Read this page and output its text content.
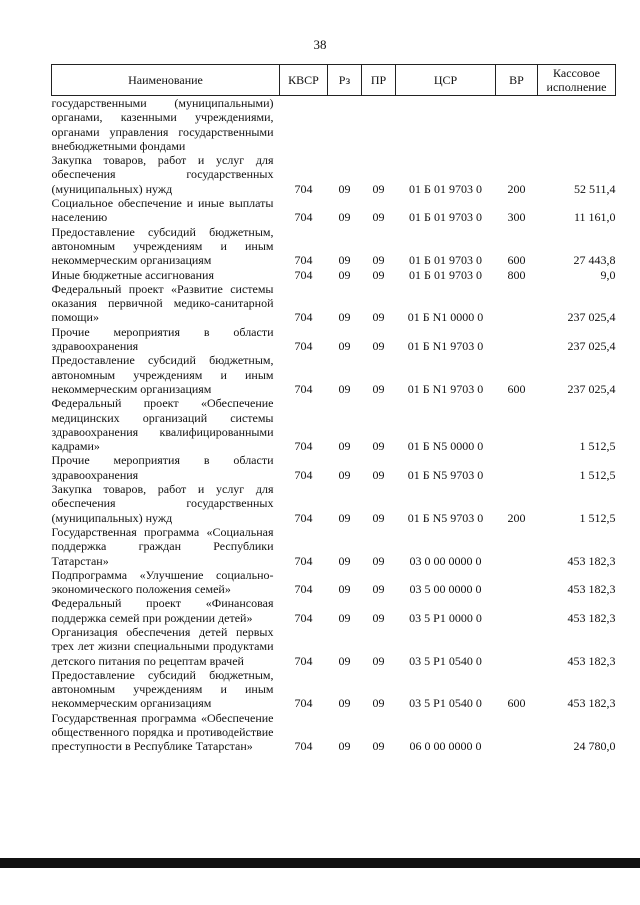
38
Наименование	КВСР	Рз	ПР	ЦСР	ВР	Кассовое исполнение
государственными (муниципальными) органами, казенными учреждениями, органами управления государственными внебюджетными фондами						
Закупка товаров, работ и услуг для обеспечения государственных (муниципальных) нужд	704	09	09	01 Б 01 9703 0	200	52 511,4
Социальное обеспечение и иные выплаты населению	704	09	09	01 Б 01 9703 0	300	11 161,0
Предоставление субсидий бюджетным, автономным учреждениям и иным некоммерческим организациям	704	09	09	01 Б 01 9703 0	600	27 443,8
Иные бюджетные ассигнования	704	09	09	01 Б 01 9703 0	800	9,0
Федеральный проект «Развитие системы оказания первичной медико-санитарной помощи»	704	09	09	01 Б N1 0000 0		237 025,4
Прочие мероприятия в области здравоохранения	704	09	09	01 Б N1 9703 0		237 025,4
Предоставление субсидий бюджетным, автономным учреждениям и иным некоммерческим организациям	704	09	09	01 Б N1 9703 0	600	237 025,4
Федеральный проект «Обеспечение медицинских организаций системы здравоохранения квалифицированными кадрами»	704	09	09	01 Б N5 0000 0		1 512,5
Прочие мероприятия в области здравоохранения	704	09	09	01 Б N5 9703 0		1 512,5
Закупка товаров, работ и услуг для обеспечения государственных (муниципальных) нужд	704	09	09	01 Б N5 9703 0	200	1 512,5
Государственная программа «Социальная поддержка граждан Республики Татарстан»	704	09	09	03 0 00 0000 0		453 182,3
Подпрограмма «Улучшение социально-экономического положения семей»	704	09	09	03 5 00 0000 0		453 182,3
Федеральный проект «Финансовая поддержка семей при рождении детей»	704	09	09	03 5 P1 0000 0		453 182,3
Организация обеспечения детей первых трех лет жизни специальными продуктами детского питания по рецептам врачей	704	09	09	03 5 P1 0540 0		453 182,3
Предоставление субсидий бюджетным, автономным учреждениям и иным некоммерческим организациям	704	09	09	03 5 P1 0540 0	600	453 182,3
Государственная программа «Обеспечение общественного порядка и противодействие преступности в Республике Татарстан»	704	09	09	06 0 00 0000 0		24 780,0
